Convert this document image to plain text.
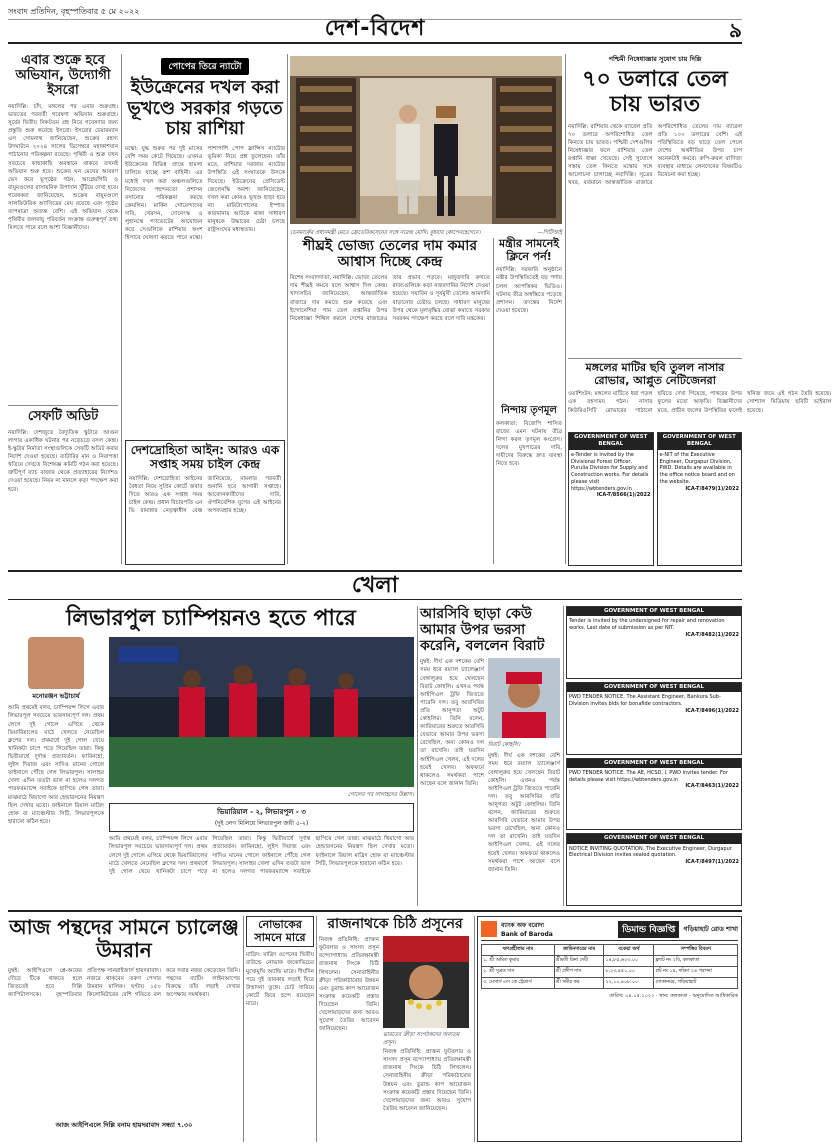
সংবাদ প্রতিদিন, বৃহস্পতিবার ৫ মে ২০২২
দেশ-বিদেশ	৯
এবার শুক্রে হবে অভিযান, উদ্যোগী ইসরো
নয়াদিল্লি: চাঁদ, মঙ্গলের পর এবার শুক্রগ্রহ। ভারতের পরবর্তী গবেষণা অভিযান শুক্রগ্রহে। সূর্যের দ্বিতীয় নিকটতম গ্রহ নিয়ে গবেষণার জন্য প্রস্তুতি শুরু করেছে ইসরো। ইসরোর চেয়ারম্যান এস সোমনাথ জানিয়েছেন, শুক্রের রহস্য উদঘাটনে ২০২৪ সালের ডিসেম্বরে মহাকাশযান পাঠানোর পরিকল্পনা রয়েছে। পৃথিবী ও শুক্র যখন সবচেয়ে কাছাকাছি অবস্থানে থাকবে তখনই অভিযান শুরু হবে। শুক্রের ঘন মেঘের আবরণ ভেদ করে ভূপৃষ্ঠের গঠন, আগ্নেয়গিরি ও বায়ুমণ্ডলের রাসায়নিক উপাদান খুঁটিয়ে দেখা হবে। গবেষকরা জানিয়েছেন, শুক্রের বায়ুমণ্ডলে সালফিউরিক অ্যাসিডের মেঘ রয়েছে এবং পৃষ্ঠের তাপমাত্রা অত্যন্ত বেশি। এই অভিযান থেকে পৃথিবীর জলবায়ু পরিবর্তন সংক্রান্ত গুরুত্বপূর্ণ তথ্য মিলতে পারে বলে আশা বিজ্ঞানীদের।
সেফটি অডিট
নয়াদিল্লি: দেশজুড়ে বৈদ্যুতিক স্কুটারে আগুন লাগার একাধিক ঘটনার পর নড়েচড়ে বসল কেন্দ্র। ই-স্কুটার নির্মাতা সংস্থাগুলিকে সেফটি অডিট করার নির্দেশ দেওয়া হয়েছে। ব্যাটারির মান ও নিরাপত্তা খতিয়ে দেখতে বিশেষজ্ঞ কমিটি গঠন করা হয়েছে। ত্রুটিপূর্ণ ব্যাচ বাজার থেকে প্রত্যাহারের নির্দেশও দেওয়া হয়েছে। নিয়ম না মানলে কড়া পদক্ষেপ করা হবে।
পোপের তিরে ন্যাটো
ইউক্রেনের দখল করা ভূখণ্ডে সরকার গড়তে চায় রাশিয়া
মস্কো: যুদ্ধ শুরুর পর দুই মাসের বেশি সময় কেটে গিয়েছে। এখনও ইউক্রেনের বিভিন্ন প্রান্তে হামলা চালিয়ে যাচ্ছে রুশ বাহিনী। এর মধ্যেই দখল করা অঞ্চলগুলিতে নিজেদের পছন্দমতো প্রশাসন বসানোর পরিকল্পনা করছে ক্রেমলিন। মার্কিন গোয়েন্দাদের দাবি, খেরসন, দোনেৎস্ক ও লুহানস্কে গণভোটের আয়োজন করে সেগুলিকে রাশিয়ার অংশ হিসাবে ঘোষণা করতে পারে মস্কো। পাশাপাশি পোপ ফ্রান্সিস ন্যাটোর ভূমিকা নিয়ে প্রশ্ন তুলেছেন। তাঁর মতে, রাশিয়ার দরজায় ন্যাটোর উপস্থিতি এই সংঘাতকে উসকে দিয়েছে। ইউক্রেনের প্রেসিডেন্ট জেলেনস্কি অবশ্য জানিয়েছেন, দখল করা কোনও ভূখণ্ড ছাড়া হবে না। মারিউপোলের ইস্পাত কারখানায় আটকে থাকা সাধারণ মানুষকে উদ্ধারের চেষ্টা চলছে রাষ্ট্রসংঘের মধ্যস্থতায়।
দেশদ্রোহিতা আইন: আরও এক সপ্তাহ সময় চাইল কেন্দ্র
নয়াদিল্লি: দেশদ্রোহিতা আইনের বৈধতা নিয়ে সুপ্রিম কোর্টে জবাব দিতে আরও এক সপ্তাহ সময় চাইল কেন্দ্র। প্রধান বিচারপতি এন ভি রামান্নার নেতৃত্বাধীন বেঞ্চ জানিয়েছে, মামলার পরবর্তী শুনানি হবে আগামী সপ্তাহে। আবেদনকারীদের দাবি, ঔপনিবেশিক যুগের এই আইনের অপব্যবহার হচ্ছে।
ডেনমার্কের প্রধানমন্ত্রী মেতে ফ্রেডেরিকসেনের সঙ্গে নরেন্দ্র মোদি। বুধবার কোপেনহেগেনে।	—পিটিআই
শীঘ্রই ভোজ্য তেলের দাম কমার আশ্বাস দিচ্ছে কেন্দ্র
বিশেষ সংবাদদাতা, নয়াদিল্লি: ভোজ্য তেলের দাম শীঘ্রই কমবে বলে আশ্বাস দিল কেন্দ্র। খাদ্যসচিব জানিয়েছেন, আন্তর্জাতিক বাজারে দাম কমতে শুরু করেছে এবং ইন্দোনেশিয়া পাম তেল রপ্তানির উপর নিষেধাজ্ঞা শিথিল করলে দেশের বাজারেও তার প্রভাব পড়বে। মজুতদারি রুখতে রাজ্যগুলিকে কড়া নজরদারির নির্দেশ দেওয়া হয়েছে। সয়াবিন ও সূর্যমুখী তেলের আমদানি বাড়ানোর চেষ্টাও চলছে। সাধারণ মানুষের উপর থেকে মূল্যবৃদ্ধির বোঝা কমাতে সরকার সবরকম পদক্ষেপ করছে বলে দাবি মন্ত্রকের।
মন্ত্রীর সামনেই ক্লিনে পর্ন!
নয়াদিল্লি: সরকারি অনুষ্ঠানে মন্ত্রীর উপস্থিতিতেই বড় পর্দায় চলল আপত্তিকর ভিডিও। ঘটনায় তীব্র অস্বস্তিতে পড়েছে প্রশাসন। তদন্তের নির্দেশ দেওয়া হয়েছে।
নিন্দায় তৃণমূল
কলকাতা: বিজেপি শাসিত রাজ্যে এমন ঘটনায় তীব্র নিন্দা করল তৃণমূল কংগ্রেস। দলের মুখপাত্রের দাবি, দায়ীদের বিরুদ্ধে দ্রুত ব্যবস্থা নিতে হবে।
পশ্চিমী নিষেধাজ্ঞার সুযোগ চায় দিল্লি
৭০ ডলারে তেল চায় ভারত
নয়াদিল্লি: রাশিয়ার থেকে ব্যারেল প্রতি ৭০ ডলারে অপরিশোধিত তেল কিনতে চায় ভারত। পশ্চিমী দেশগুলির নিষেধাজ্ঞার ফলে রাশিয়ার তেল রপ্তানি ধাক্কা খেয়েছে। সেই সুযোগে সস্তায় তেল কিনতে মস্কোর সঙ্গে আলোচনা চালাচ্ছে নয়াদিল্লি। সূত্রের খবর, বর্তমানে আন্তর্জাতিক বাজারে অপরিশোধিত তেলের দাম ব্যারেল প্রতি ১০০ ডলারের বেশি। এই পরিস্থিতিতে বড় ছাড়ে তেল পেলে দেশের অর্থনীতির উপর চাপ অনেকটাই কমবে। রুপি-রুবল বাণিজ্য ব্যবস্থার মাধ্যমে লেনদেনের বিষয়টিও বিবেচনা করা হচ্ছে।
মঙ্গলের মাটির ছবি তুলল নাসার রোভার, আপ্লুত নেটিজেনরা
ওয়াশিংটন: মঙ্গলের মাটিতে ধরা পড়ল এক রহস্যময় গঠন। নাসার কিউরিওসিটি রোভারের পাঠানো ছবিতে দেখা গিয়েছে, পাথরের উপর ফুলের মতো আকৃতি। বিজ্ঞানীদের মতে, প্রাচীন জলের উপস্থিতির ফলেই খনিজ জমে এই গঠন তৈরি হয়েছে। সোশ্যাল মিডিয়ায় ছবিটি ভাইরাল হয়েছে।
GOVERNMENT OF WEST BENGAL
e-Tender is invited by the Divisional Forest Officer, Purulia Division for Supply and Construction works. For details please visit https://wbtenders.gov.in
ICA-T/8566(1)/2022
GOVERNMENT OF WEST BENGAL
e-NIT of the Executive Engineer, Durgapur Division, PWD. Details are available in the office notice board and on the website.
ICA-T/8479(1)/2022
খেলা
লিভারপুল চ্যাম্পিয়নও হতে পারে
মনোরঞ্জন ভট্টাচার্য
আমি প্রথমেই বলব, চ্যাম্পিয়ন্স লিগে এবার লিভারপুল সবচেয়ে ভারসাম্যপূর্ণ দল। প্রথম লেগে দুই গোলে এগিয়ে থেকে ভিয়ারিয়ালের মাঠে খেলতে নেমেছিল ক্লপের দল। প্রথমার্ধে দুই গোল খেয়ে খানিকটা চাপে পড়ে গিয়েছিল তারা। কিন্তু দ্বিতীয়ার্ধে দুর্দান্ত প্রত্যাবর্তন। ফাবিনহো, লুইস দিয়াজ এবং সাদিও মানের গোলে ফাইনালে পৌঁছে গেল লিভারপুল। সালাহর খেলা এদিন ততটা ভাল না হলেও দলগত পারফরম্যান্সে সবাইকে ছাপিয়ে গেল তারা। মাঝমাঠে থিয়াগো আর হেন্ডারসনের নিয়ন্ত্রণ ছিল দেখার মতো। ফাইনালে রিয়াল মাদ্রিদ হোক বা ম্যাঞ্চেস্টার সিটি, লিভারপুলকে হারানো কঠিন হবে।
গোলের পর সালাহদের উল্লাস।
ভিয়ারিয়াল - ২, লিভারপুল - ৩
(দুই লেগ মিলিয়ে লিভারপুল জয়ী ৫-২)
আমি প্রথমেই বলব, চ্যাম্পিয়ন্স লিগে এবার লিভারপুল সবচেয়ে ভারসাম্যপূর্ণ দল। প্রথম লেগে দুই গোলে এগিয়ে থেকে ভিয়ারিয়ালের মাঠে খেলতে নেমেছিল ক্লপের দল। প্রথমার্ধে দুই গোল খেয়ে খানিকটা চাপে পড়ে গিয়েছিল তারা। কিন্তু দ্বিতীয়ার্ধে দুর্দান্ত প্রত্যাবর্তন। ফাবিনহো, লুইস দিয়াজ এবং সাদিও মানের গোলে ফাইনালে পৌঁছে গেল লিভারপুল। সালাহর খেলা এদিন ততটা ভাল না হলেও দলগত পারফরম্যান্সে সবাইকে ছাপিয়ে গেল তারা। মাঝমাঠে থিয়াগো আর হেন্ডারসনের নিয়ন্ত্রণ ছিল দেখার মতো। ফাইনালে রিয়াল মাদ্রিদ হোক বা ম্যাঞ্চেস্টার সিটি, লিভারপুলকে হারানো কঠিন হবে।
আরসিবি ছাড়া কেউ আমার উপর ভরসা করেনি, বললেন বিরাট
মুম্বই: দীর্ঘ এক দশকের বেশি সময় ধরে রয়্যাল চ্যালেঞ্জার্স বেঙ্গালুরুর হয়ে খেলছেন বিরাট কোহলি। এখনও পর্যন্ত আইপিএল ট্রফি জিততে পারেনি দল। তবু আরসিবির প্রতি আনুগত্য অটুট কোহলির। তিনি বলেন, ক্যারিয়ারের শুরুতে আরসিবি যেভাবে আমার উপর ভরসা রেখেছিল, অন্য কোনও দল তা রাখেনি। তাই যতদিন আইপিএল খেলব, এই দলের হয়েই খেলব। অফফর্মে থাকলেও সমর্থকরা পাশে আছেন বলে জানান তিনি।
বিরাট কোহলি।
মুম্বই: দীর্ঘ এক দশকের বেশি সময় ধরে রয়্যাল চ্যালেঞ্জার্স বেঙ্গালুরুর হয়ে খেলছেন বিরাট কোহলি। এখনও পর্যন্ত আইপিএল ট্রফি জিততে পারেনি দল। তবু আরসিবির প্রতি আনুগত্য অটুট কোহলির। তিনি বলেন, ক্যারিয়ারের শুরুতে আরসিবি যেভাবে আমার উপর ভরসা রেখেছিল, অন্য কোনও দল তা রাখেনি। তাই যতদিন আইপিএল খেলব, এই দলের হয়েই খেলব। অফফর্মে থাকলেও সমর্থকরা পাশে আছেন বলে জানান তিনি।
GOVERNMENT OF WEST BENGAL
Tender is invited by the undersigned for repair and renovation works. Last date of submission as per NIT.
ICA-T/8482(1)/2022
GOVERNMENT OF WEST BENGAL
PWD TENDER NOTICE. The Assistant Engineer, Bankura Sub-Division invites bids for bonafide contractors.
ICA-T/8496(1)/2022
GOVERNMENT OF WEST BENGAL
PWD TENDER NOTICE. The AE, HCSD, I, PWD invites tender. For details please visit https://wbtenders.gov.in
ICA-T/8463(1)/2022
GOVERNMENT OF WEST BENGAL
NOTICE INVITING QUOTATION. The Executive Engineer, Durgapur Electrical Division invites sealed quotation.
ICA-T/8497(1)/2022
আজ পন্থদের সামনে চ্যালেঞ্জ উমরান
মুম্বই: আইপিএলে প্লে-অফের দৌড়ে টিকে থাকতে হলে জিততেই হবে দিল্লি ক্যাপিটালসকে। বৃহস্পতিবার প্রতিপক্ষ সানরাইজার্স হায়দরাবাদ। নজরে থাকবেন তরুণ পেসার উমরান মালিক। ঘণ্টায় ১৫০ কিলোমিটারের বেশি গতিতে বল করে সবার নজর কেড়েছেন তিনি। পন্থদের ব্যাটিং লাইনআপের বিরুদ্ধে তাঁর লড়াই দেখার অপেক্ষায় সমর্থকরা।
আজ আইপিএলে দিল্লি বনাম হায়দরাবাদ সন্ধ্যা ৭.৩০
নোভাকের সামনে মারে
মাদ্রিদ: মাদ্রিদ ওপেনের দ্বিতীয় রাউন্ডে নোভাক জকোভিচের মুখোমুখি অ্যান্ডি মারে। দীর্ঘদিন পরে দুই তারকার লড়াই ঘিরে উন্মাদনা তুঙ্গে। চোট সারিয়ে কোর্টে ফিরে ছন্দে রয়েছেন মারে।
রাজনাথকে চিঠি প্রসূনের
নিজস্ব প্রতিনিধি: প্রাক্তন ফুটবলার ও সাংসদ প্রসূন বন্দ্যোপাধ্যায় প্রতিরক্ষামন্ত্রী রাজনাথ সিংকে চিঠি লিখলেন। সেনাবাহিনীর ক্রীড়া পরিকাঠামোর উন্নয়ন এবং ডুরান্ড কাপ আয়োজন সংক্রান্ত কয়েকটি প্রস্তাব দিয়েছেন তিনি। খেলোয়াড়দের জন্য আরও সুযোগ তৈরির আবেদন জানিয়েছেন।
ভারতের ক্রীড়া সংগঠকদের অন্যতম প্রসূন।
নিজস্ব প্রতিনিধি: প্রাক্তন ফুটবলার ও সাংসদ প্রসূন বন্দ্যোপাধ্যায় প্রতিরক্ষামন্ত্রী রাজনাথ সিংকে চিঠি লিখলেন। সেনাবাহিনীর ক্রীড়া পরিকাঠামোর উন্নয়ন এবং ডুরান্ড কাপ আয়োজন সংক্রান্ত কয়েকটি প্রস্তাব দিয়েছেন তিনি। খেলোয়াড়দের জন্য আরও সুযোগ তৈরির আবেদন জানিয়েছেন।
ব্যাংক অফ বরোদা
Bank of Baroda	ডিমান্ড বিজ্ঞপ্তি	গড়িয়াহাট রোড শাখা
ঋণগ্রহীতার নাম	জামিনদারের নাম	বকেয়া অর্থ	সম্পত্তির বিবরণ
১. শ্রী অমিত কুমার	শ্রীমতী রিনা দেবী	১৪,৮৫,৬২৩.০০	ফ্ল্যাট নং ২বি, কলকাতা
২. শ্রী সুব্রত দাস	শ্রী প্রদীপ দাস	৮,২৩,৪৫১.০০	প্লট নং ১৫, দক্ষিণ ২৪ পরগনা
৩. মেসার্স এস কে ট্রেডার্স	শ্রী সমীর কর	২২,১০,৯০৮.০০	দোকানঘর, গড়িয়াহাট
তারিখ: ০৪.০৫.২০২২ · স্থান: কলকাতা · অনুমোদিত আধিকারিক
